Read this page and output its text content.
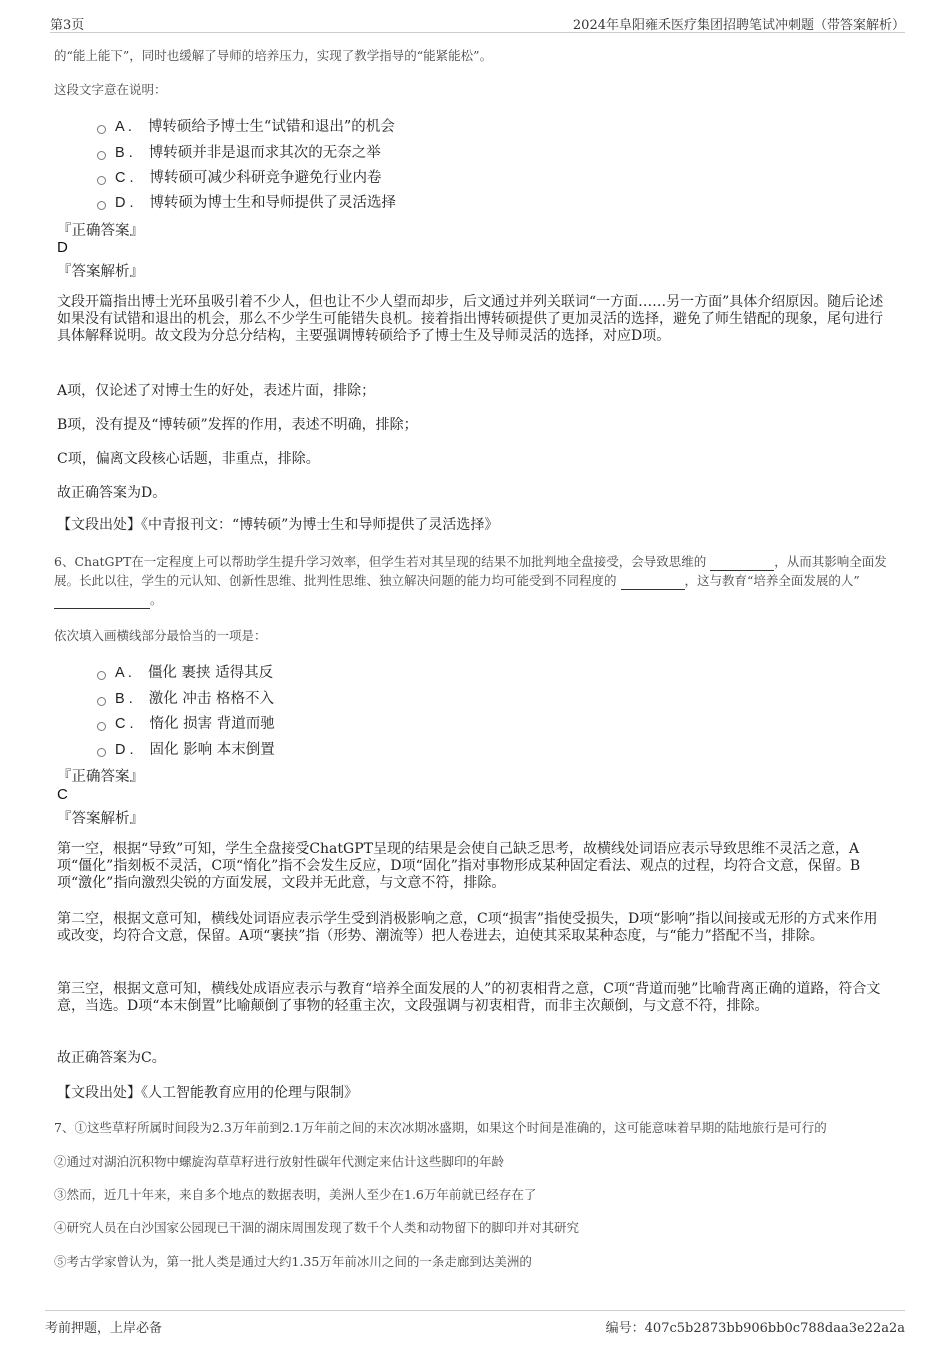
第3页	2024年阜阳雍禾医疗集团招聘笔试冲刺题（带答案解析）
的“能上能下”，同时也缓解了导师的培养压力，实现了教学指导的“能紧能松”。
这段文字意在说明：
A . 博转硕给予博士生“试错和退出”的机会
B . 博转硕并非是退而求其次的无奈之举
C . 博转硕可减少科研竞争避免行业内卷
D . 博转硕为博士生和导师提供了灵活选择
『正确答案』
D
『答案解析』
文段开篇指出博士光环虽吸引着不少人，但也让不少人望而却步，后文通过并列关联词“一方面……另一方面”具体介绍原因。随后论述如果没有试错和退出的机会，那么不少学生可能错失良机。接着指出博转硕提供了更加灵活的选择，避免了师生错配的现象，尾句进行具体解释说明。故文段为分总分结构，主要强调博转硕给予了博士生及导师灵活的选择，对应D项。
A项，仅论述了对博士生的好处，表述片面，排除；
B项，没有提及“博转硕”发挥的作用，表述不明确，排除；
C项，偏离文段核心话题，非重点，排除。
故正确答案为D。
【文段出处】《中青报刊文：“博转硕”为博士生和导师提供了灵活选择》
6、ChatGPT在一定程度上可以帮助学生提升学习效率，但学生若对其呈现的结果不加批判地全盘接受，会导致思维的	，从而其影响全面发展。长此以往，学生的元认知、创新性思维、批判性思维、独立解决问题的能力均可能受到不同程度的	，这与教育“培养全面发展的人” 。
依次填入画横线部分最恰当的一项是：
A . 僵化 裹挟 适得其反
B . 激化 冲击 格格不入
C . 惰化 损害 背道而驰
D . 固化 影响 本末倒置
『正确答案』
C
『答案解析』
第一空，根据“导致”可知，学生全盘接受ChatGPT呈现的结果是会使自己缺乏思考，故横线处词语应表示导致思维不灵活之意，A项“僵化”指刻板不灵活，C项“惰化”指不会发生反应，D项“固化”指对事物形成某种固定看法、观点的过程，均符合文意，保留。B项“激化”指向激烈尖锐的方面发展，文段并无此意，与文意不符，排除。
第二空，根据文意可知，横线处词语应表示学生受到消极影响之意，C项“损害”指使受损失，D项“影响”指以间接或无形的方式来作用或改变，均符合文意，保留。A项“裹挟”指（形势、潮流等）把人卷进去，迫使其采取某种态度，与“能力”搭配不当，排除。
第三空，根据文意可知，横线处成语应表示与教育“培养全面发展的人”的初衷相背之意，C项“背道而驰”比喻背离正确的道路，符合文意，当选。D项“本末倒置”比喻颠倒了事物的轻重主次，文段强调与初衷相背，而非主次颠倒，与文意不符，排除。
故正确答案为C。
【文段出处】《人工智能教育应用的伦理与限制》
7、①这些草籽所属时间段为2.3万年前到2.1万年前之间的末次冰期冰盛期，如果这个时间是准确的，这可能意味着早期的陆地旅行是可行的
②通过对湖泊沉积物中螺旋沟草草籽进行放射性碳年代测定来估计这些脚印的年龄
③然而，近几十年来，来自多个地点的数据表明，美洲人至少在1.6万年前就已经存在了
④研究人员在白沙国家公园现已干涸的湖床周围发现了数千个人类和动物留下的脚印并对其研究
⑤考古学家曾认为，第一批人类是通过大约1.35万年前冰川之间的一条走廊到达美洲的
考前押题，上岸必备	编号：407c5b2873bb906bb0c788daa3e22a2a
